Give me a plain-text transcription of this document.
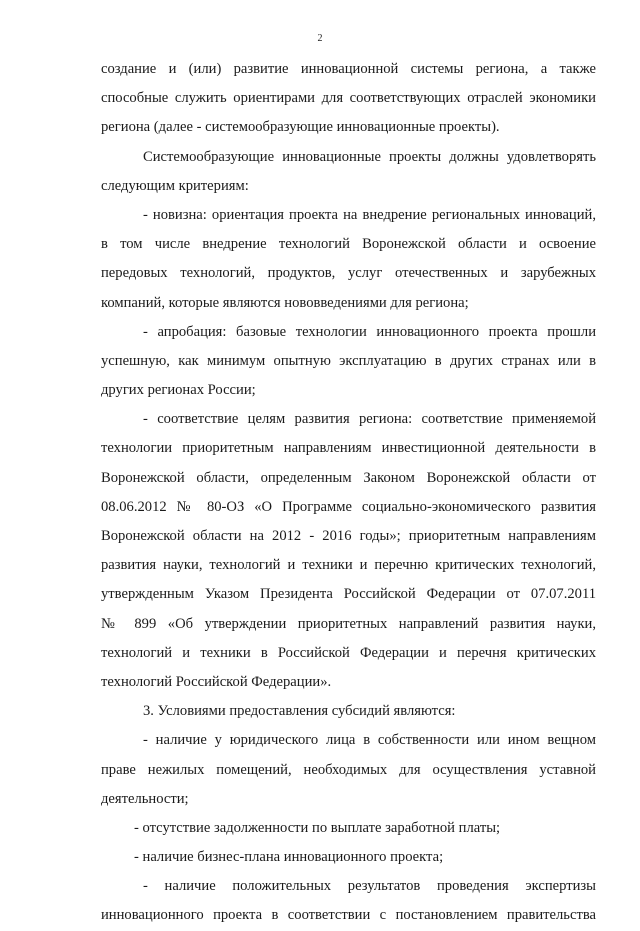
2
создание и (или) развитие инновационной системы региона, а также
способные служить ориентирами для соответствующих отраслей экономики
региона (далее - системообразующие инновационные проекты).
Системообразующие инновационные проекты должны удовлетворять
следующим критериям:
- новизна: ориентация проекта на внедрение региональных инноваций,
в том числе внедрение технологий Воронежской области и освоение
передовых технологий, продуктов, услуг отечественных и зарубежных
компаний, которые являются нововведениями для региона;
- апробация: базовые технологии инновационного проекта прошли
успешную, как минимум опытную эксплуатацию в других странах или в
других регионах России;
- соответствие целям развития региона: соответствие применяемой
технологии приоритетным направлениям инвестиционной деятельности в
Воронежской области, определенным Законом Воронежской области от
08.06.2012 № 80-ОЗ «О Программе социально-экономического развития
Воронежской области на 2012 - 2016 годы»; приоритетным направлениям
развития науки, технологий и техники и перечню критических технологий,
утвержденным Указом Президента Российской Федерации от 07.07.2011
№ 899 «Об утверждении приоритетных направлений развития науки,
технологий и техники в Российской Федерации и перечня критических
технологий Российской Федерации».
3. Условиями предоставления субсидий являются:
- наличие у юридического лица в собственности или ином вещном
праве нежилых помещений, необходимых для осуществления уставной
деятельности;
- отсутствие задолженности по выплате заработной платы;
- наличие бизнес-плана инновационного проекта;
- наличие положительных результатов проведения экспертизы
инновационного проекта в соответствии с постановлением правительства
